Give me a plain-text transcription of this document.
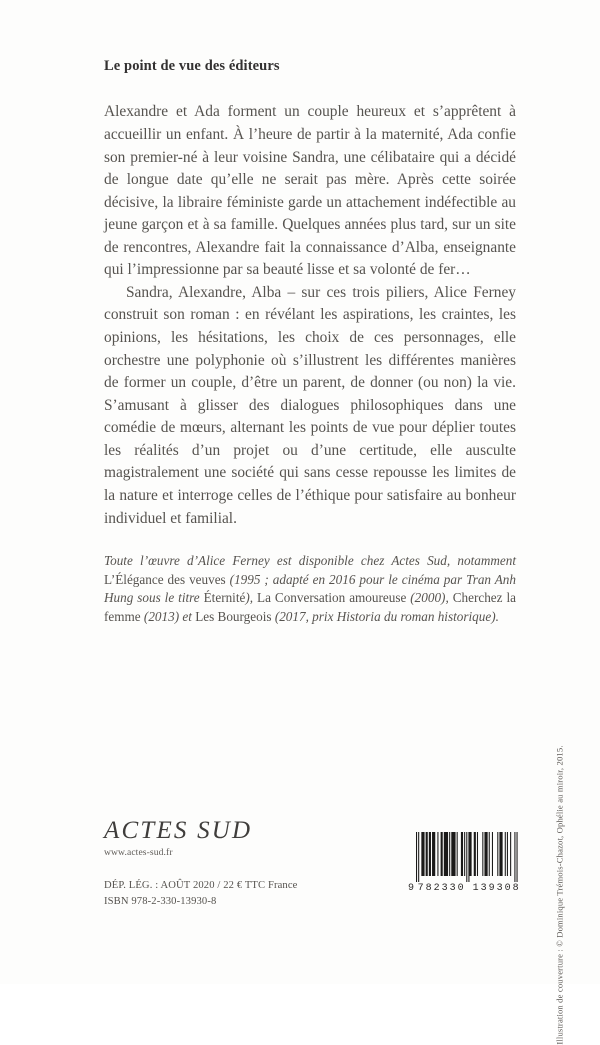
Le point de vue des éditeurs

Alexandre et Ada forment un couple heureux et s’apprêtent à accueillir un enfant. À l’heure de partir à la maternité, Ada confie son premier-né à leur voisine Sandra, une célibataire qui a décidé de longue date qu’elle ne serait pas mère. Après cette soirée décisive, la libraire féministe garde un attachement indéfectible au jeune garçon et à sa famille. Quelques années plus tard, sur un site de rencontres, Alexandre fait la connaissance d’Alba, enseignante qui l’impressionne par sa beauté lisse et sa volonté de fer…

Sandra, Alexandre, Alba – sur ces trois piliers, Alice Ferney construit son roman : en révélant les aspirations, les craintes, les opinions, les hésitations, les choix de ces personnages, elle orchestre une polyphonie où s’illustrent les différentes manières de former un couple, d’être un parent, de donner (ou non) la vie. S’amusant à glisser des dialogues philosophiques dans une comédie de mœurs, alternant les points de vue pour déplier toutes les réalités d’un projet ou d’une certitude, elle ausculte magistralement une société qui sans cesse repousse les limites de la nature et interroge celles de l’éthique pour satisfaire au bonheur individuel et familial.

Toute l’œuvre d’Alice Ferney est disponible chez Actes Sud, notamment L’Élégance des veuves (1995 ; adapté en 2016 pour le cinéma par Tran Anh Hung sous le titre Éternité), La Conversation amoureuse (2000), Cherchez la femme (2013) et Les Bourgeois (2017, prix Historia du roman historique).
Illustration de couverture : © Dominique Trémois-Chazot, Ophélie au miroir, 2015.
ACTES SUD
www.actes-sud.fr
DÉP. LÉG. : AOÛT 2020 / 22 € TTC France
ISBN 978-2-330-13930-8
9 782330 139308
